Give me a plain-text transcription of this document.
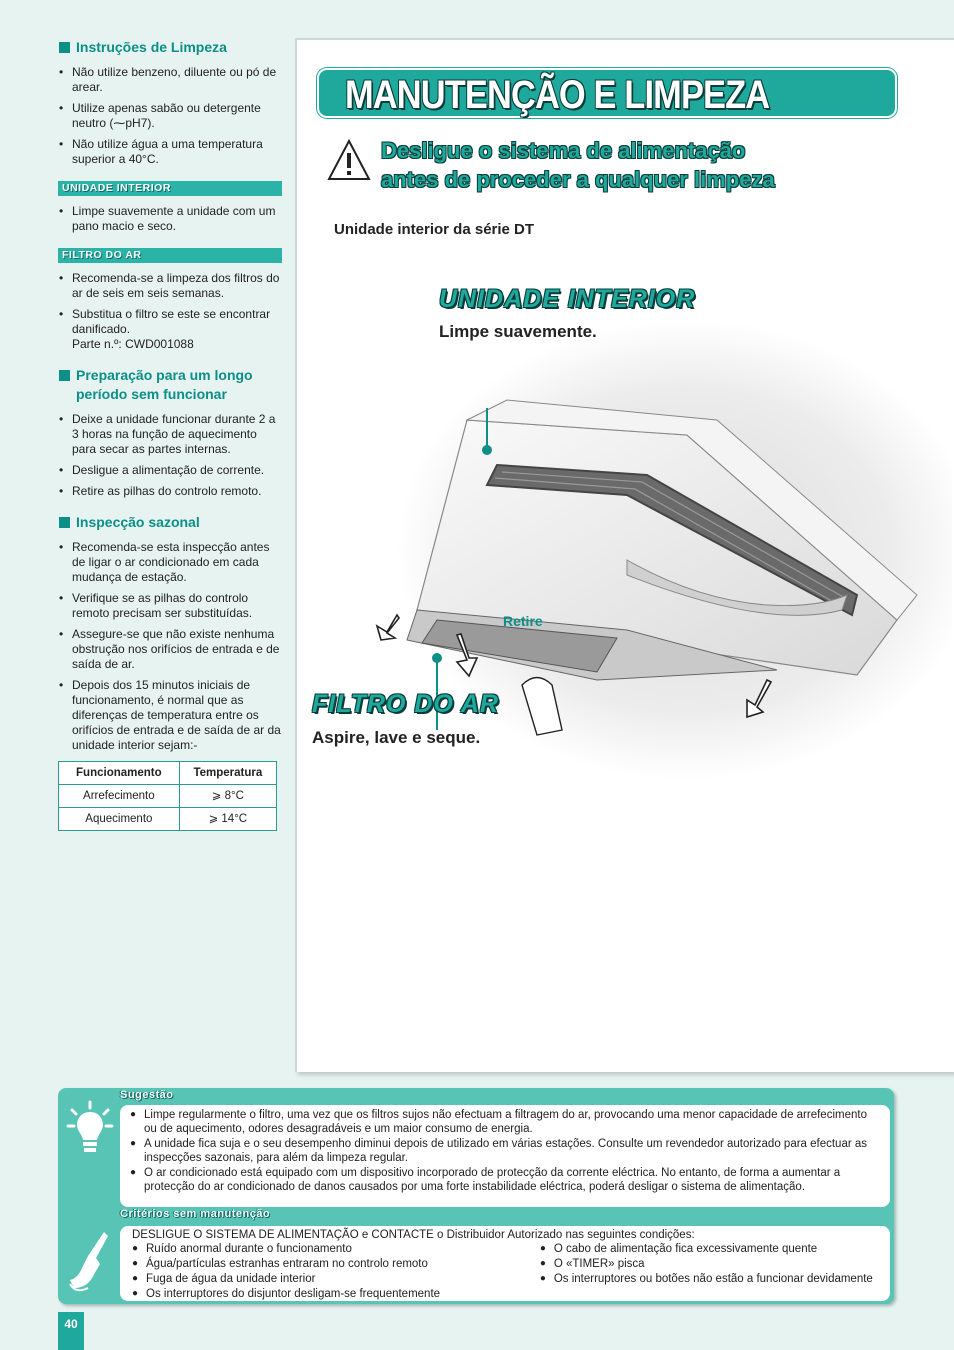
Instruções de Limpeza
• Não utilize benzeno, diluente ou pó de arear.
• Utilize apenas sabão ou detergente neutro (⁓pH7).
• Não utilize água a uma temperatura superior a 40°C.
UNIDADE INTERIOR
• Limpe suavemente a unidade com um pano macio e seco.
FILTRO DO AR
• Recomenda-se a limpeza dos filtros do ar de seis em seis semanas.
• Substitua o filtro se este se encontrar danificado.
Parte n.º: CWD001088
Preparação para um longo período sem funcionar
• Deixe a unidade funcionar durante 2 a 3 horas na função de aquecimento para secar as partes internas.
• Desligue a alimentação de corrente.
• Retire as pilhas do controlo remoto.
Inspecção sazonal
• Recomenda-se esta inspecção antes de ligar o ar condicionado em cada mudança de estação.
• Verifique se as pilhas do controlo remoto precisam ser substituídas.
• Assegure-se que não existe nenhuma obstrução nos orifícios de entrada e de saída de ar.
• Depois dos 15 minutos iniciais de funcionamento, é normal que as diferenças de temperatura entre os orifícios de entrada e de saída de ar da unidade interior sejam:-
Funcionamento	Temperatura
Arrefecimento	⩾ 8°C
Aquecimento	⩾ 14°C
MANUTENÇÃO E LIMPEZA
Desligue o sistema de alimentação
antes de proceder a qualquer limpeza
Unidade interior da série DT
UNIDADE INTERIOR
Limpe suavemente.
Retire
FILTRO DO AR
Aspire, lave e seque.
Sugestão
● Limpe regularmente o filtro, uma vez que os filtros sujos não efectuam a filtragem do ar, provocando uma menor capacidade de arrefecimento ou de aquecimento, odores desagradáveis e um maior consumo de energia.
● A unidade fica suja e o seu desempenho diminui depois de utilizado em várias estações. Consulte um revendedor autorizado para efectuar as inspecções sazonais, para além da limpeza regular.
● O ar condicionado está equipado com um dispositivo incorporado de protecção da corrente eléctrica. No entanto, de forma a aumentar a protecção do ar condicionado de danos causados por uma forte instabilidade eléctrica, poderá desligar o sistema de alimentação.
Critérios sem manutenção
DESLIGUE O SISTEMA DE ALIMENTAÇÃO e CONTACTE o Distribuidor Autorizado nas seguintes condições:
● Ruído anormal durante o funcionamento
● Água/partículas estranhas entraram no controlo remoto
● Fuga de água da unidade interior
● Os interruptores do disjuntor desligam-se frequentemente
● O cabo de alimentação fica excessivamente quente
● O «TIMER» pisca
● Os interruptores ou botões não estão a funcionar devidamente
40
